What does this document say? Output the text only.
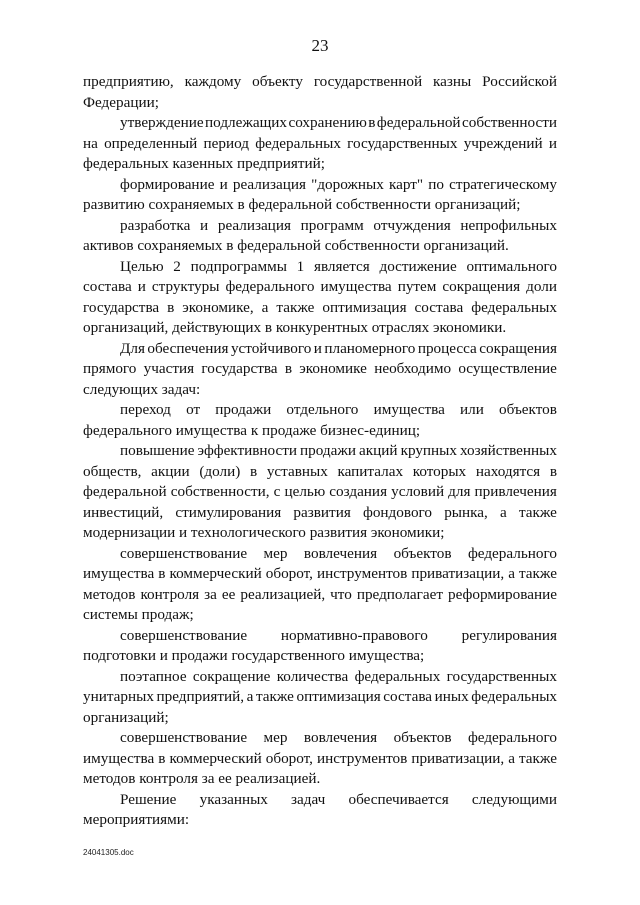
23
предприятию, каждому объекту государственной казны Российской
Федерации;
утверждение подлежащих сохранению в федеральной собственности
на определенный период федеральных государственных учреждений и
федеральных казенных предприятий;
формирование и реализация "дорожных карт" по стратегическому
развитию сохраняемых в федеральной собственности организаций;
разработка и реализация программ отчуждения непрофильных
активов сохраняемых в федеральной собственности организаций.
Целью 2 подпрограммы 1 является достижение оптимального
состава и структуры федерального имущества путем сокращения доли
государства в экономике, а также оптимизация состава федеральных
организаций, действующих в конкурентных отраслях экономики.
Для обеспечения устойчивого и планомерного процесса сокращения
прямого участия государства в экономике необходимо осуществление
следующих задач:
переход от продажи отдельного имущества или объектов
федерального имущества к продаже бизнес-единиц;
повышение эффективности продажи акций крупных хозяйственных
обществ, акции (доли) в уставных капиталах которых находятся в
федеральной собственности, с целью создания условий для привлечения
инвестиций, стимулирования развития фондового рынка, а также
модернизации и технологического развития экономики;
совершенствование мер вовлечения объектов федерального
имущества в коммерческий оборот, инструментов приватизации, а также
методов контроля за ее реализацией, что предполагает реформирование
системы продаж;
совершенствование нормативно-правового регулирования
подготовки и продажи государственного имущества;
поэтапное сокращение количества федеральных государственных
унитарных предприятий, а также оптимизация состава иных федеральных
организаций;
совершенствование мер вовлечения объектов федерального
имущества в коммерческий оборот, инструментов приватизации, а также
методов контроля за ее реализацией.
Решение указанных задач обеспечивается следующими
мероприятиями:
24041305.doc
